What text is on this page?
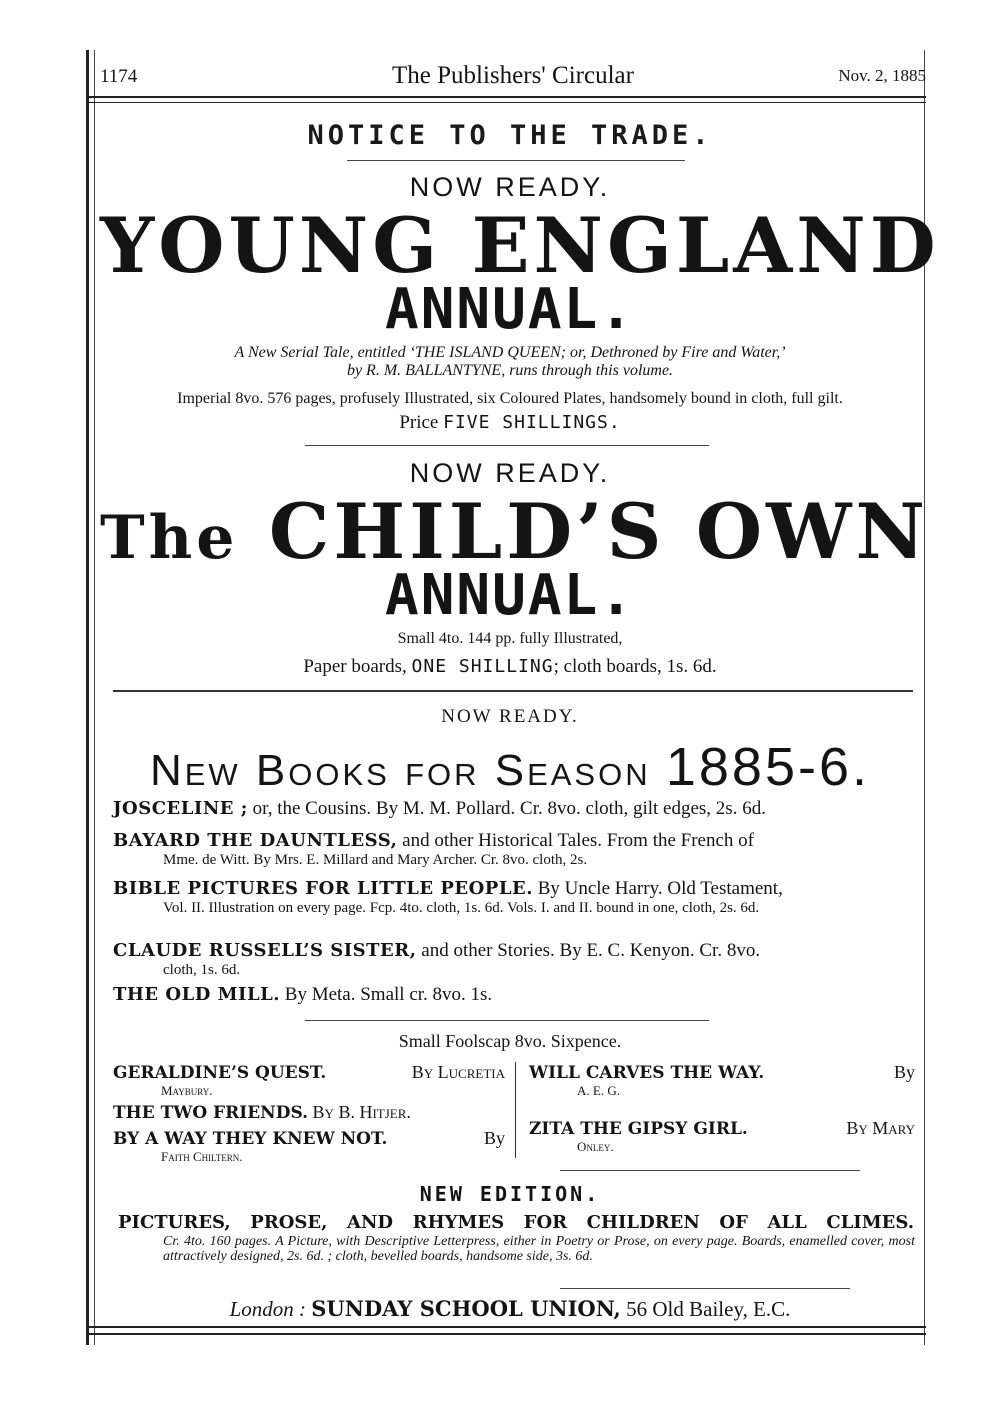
1174	The Publishers' Circular	Nov. 2, 1885
NOTICE TO THE TRADE.
NOW READY.
YOUNG ENGLAND
ANNUAL.
A New Serial Tale, entitled ‘THE ISLAND QUEEN; or, Dethroned by Fire and Water,’
by R. M. BALLANTYNE, runs through this volume.
Imperial 8vo. 576 pages, profusely Illustrated, six Coloured Plates, handsomely bound in cloth, full gilt.
Price FIVE SHILLINGS.
NOW READY.
The CHILD’S OWN
ANNUAL.
Small 4to. 144 pp. fully Illustrated,
Paper boards, ONE SHILLING; cloth boards, 1s. 6d.
NOW READY.
New Books for Season 1885-6.
JOSCELINE ; or, the Cousins. By M. M. Pollard. Cr. 8vo. cloth, gilt edges, 2s. 6d.
BAYARD THE DAUNTLESS, and other Historical Tales. From the French of
Mme. de Witt. By Mrs. E. Millard and Mary Archer. Cr. 8vo. cloth, 2s.
BIBLE PICTURES FOR LITTLE PEOPLE. By Uncle Harry. Old Testament,
Vol. II. Illustration on every page. Fcp. 4to. cloth, 1s. 6d. Vols. I. and II. bound in one, cloth, 2s. 6d.
CLAUDE RUSSELL’S SISTER, and other Stories. By E. C. Kenyon. Cr. 8vo.
cloth, 1s. 6d.
THE OLD MILL. By Meta. Small cr. 8vo. 1s.
Small Foolscap 8vo. Sixpence.
GERALDINE’S QUEST.	By Lucretia
Maybury.
THE TWO FRIENDS. By B. Hitjer.
BY A WAY THEY KNEW NOT.	By
Faith Chiltern.
WILL CARVES THE WAY.	By
A. E. G.
ZITA THE GIPSY GIRL.	By Mary
Onley.
NEW EDITION.
PICTURES, PROSE, AND RHYMES FOR CHILDREN OF ALL CLIMES.
Cr. 4to. 160 pages. A Picture, with Descriptive Letterpress, either in Poetry or Prose, on every page. Boards, enamelled cover, most attractively designed, 2s. 6d. ; cloth, bevelled boards, handsome side, 3s. 6d.
London : SUNDAY SCHOOL UNION, 56 Old Bailey, E.C.
